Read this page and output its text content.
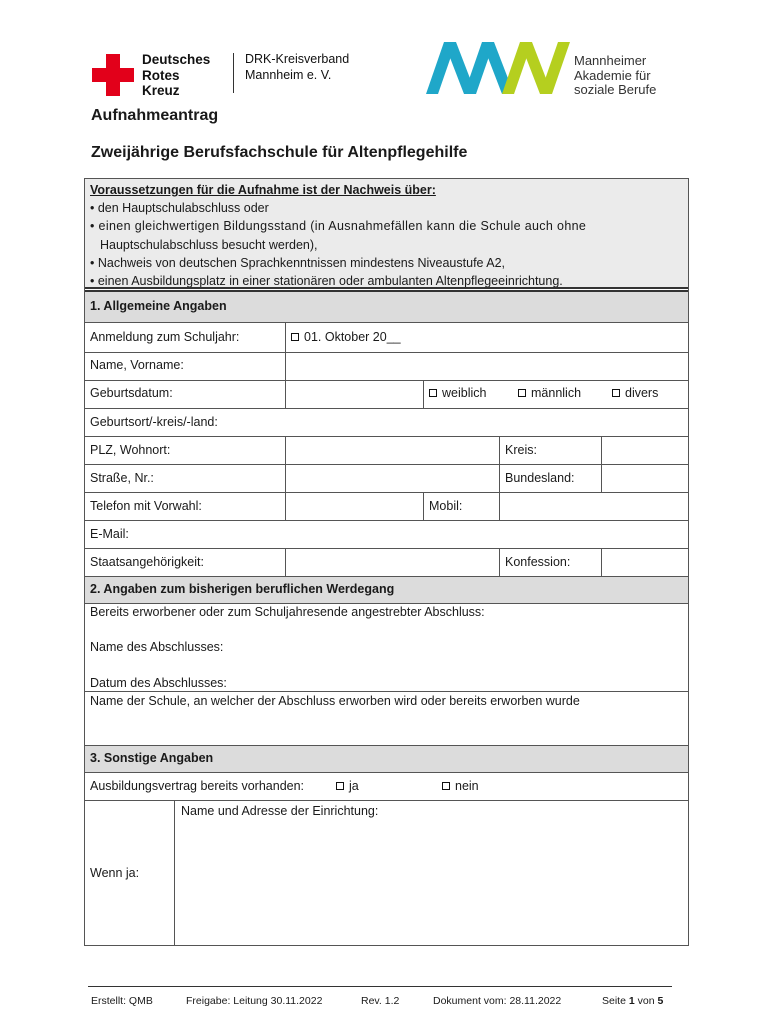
Deutsches
Rotes
Kreuz
DRK-Kreisverband
Mannheim e. V.
Mannheimer
Akademie für
soziale Berufe
Aufnahmeantrag
Zweijährige Berufsfachschule für Altenpflegehilfe
Voraussetzungen für die Aufnahme ist der Nachweis über:
• den Hauptschulabschluss oder
• einen gleichwertigen Bildungsstand (in Ausnahmefällen kann die Schule auch ohne
Hauptschulabschluss besucht werden),
• Nachweis von deutschen Sprachkenntnissen mindestens Niveaustufe A2,
• einen Ausbildungsplatz in einer stationären oder ambulanten Altenpflegeeinrichtung.
1. Allgemeine Angaben
Anmeldung zum Schuljahr:	01. Oktober 20__
Name, Vorname:
Geburtsdatum:	weiblich	männlich	divers
Geburtsort/-kreis/-land:
PLZ, Wohnort:	Kreis:
Straße, Nr.:	Bundesland:
Telefon mit Vorwahl:	Mobil:
E-Mail:
Staatsangehörigkeit:	Konfession:
2. Angaben zum bisherigen beruflichen Werdegang
Bereits erworbener oder zum Schuljahresende angestrebter Abschluss:
Name des Abschlusses:
Datum des Abschlusses:
Name der Schule, an welcher der Abschluss erworben wird oder bereits erworben wurde
3. Sonstige Angaben
Ausbildungsvertrag bereits vorhanden:	ja	nein
Wenn ja:
Name und Adresse der Einrichtung:
Erstellt: QMB	Freigabe: Leitung 30.11.2022	Rev. 1.2	Dokument vom: 28.11.2022	Seite 1 von 5
